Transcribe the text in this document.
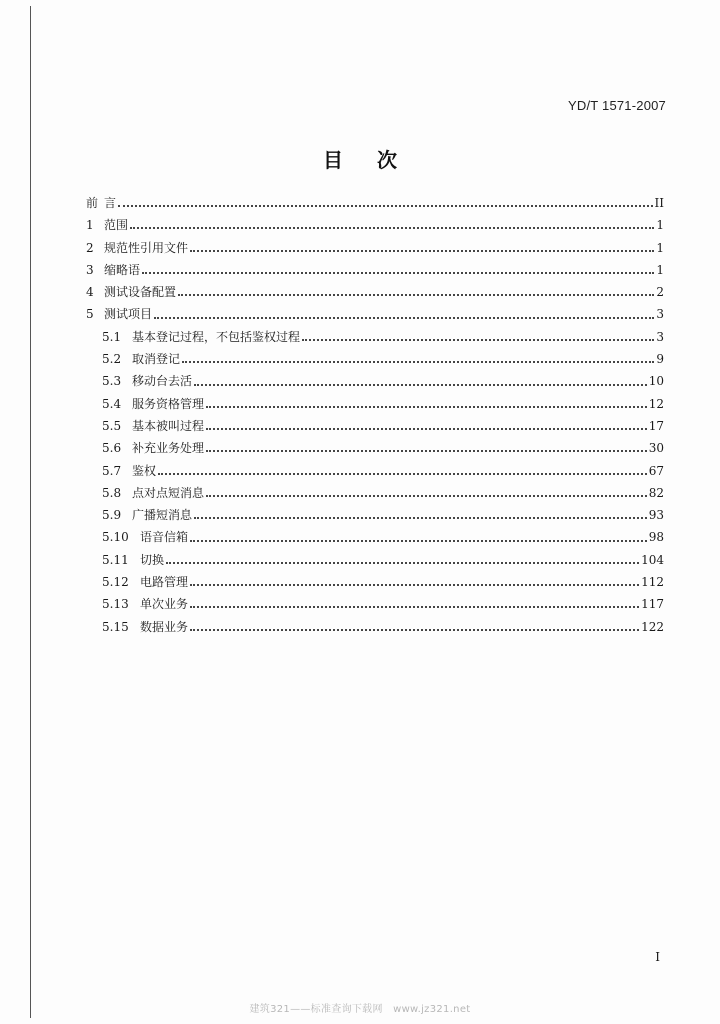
YD/T 1571-2007
目 次
前 言	II
1 范围	1
2 规范性引用文件	1
3 缩略语	1
4 测试设备配置	2
5 测试项目	3
5.1 基本登记过程，不包括鉴权过程	3
5.2 取消登记	9
5.3 移动台去活	10
5.4 服务资格管理	12
5.5 基本被叫过程	17
5.6 补充业务处理	30
5.7 鉴权	67
5.8 点对点短消息	82
5.9 广播短消息	93
5.10 语音信箱	98
5.11 切换	104
5.12 电路管理	112
5.13 单次业务	117
5.15 数据业务	122
I
建筑321——标准查询下载网　www.jz321.net
